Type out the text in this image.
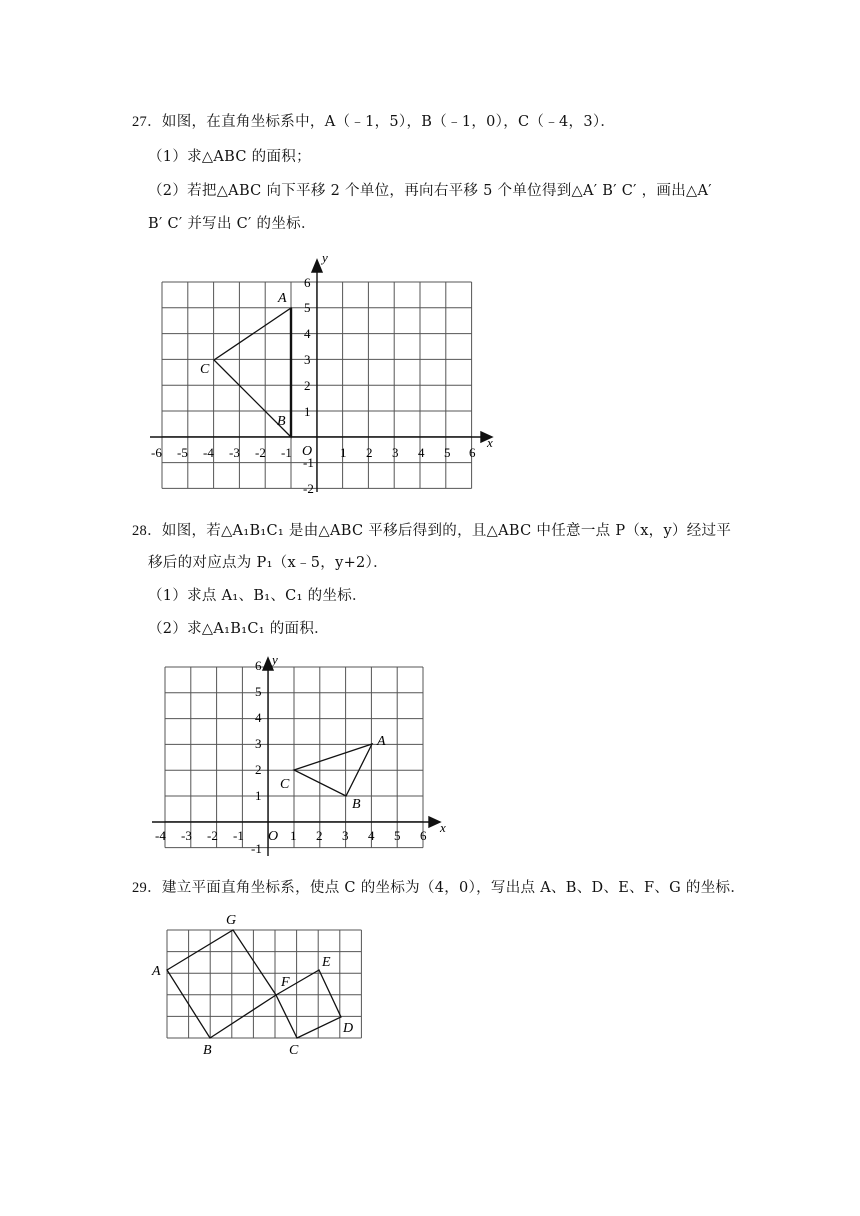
27．如图，在直角坐标系中，A（﹣1，5），B（﹣1，0），C（﹣4，3）．
（1）求△ABC 的面积；
（2）若把△ABC 向下平移 2 个单位，再向右平移 5 个单位得到△A′ B′ C′ ，画出△A′
B′ C′ 并写出 C′ 的坐标．
x
y
O
-6 -5 -4 -3 -2 -1	1 2 3 4 5 6
-2
-1
1
2
3
4
5
6
A
B
C
28．如图，若△A₁B₁C₁ 是由△ABC 平移后得到的，且△ABC 中任意一点 P（x，y）经过平
移后的对应点为 P₁（x﹣5，y+2）．
（1）求点 A₁、B₁、C₁ 的坐标．
（2）求△A₁B₁C₁ 的面积．
x
y
O
-4 -3 -2 -1	1 2 3 4 5 6
-1
1
2
3
4
5
6
A
B
C
29．建立平面直角坐标系，使点 C 的坐标为（4，0），写出点 A、B、D、E、F、G 的坐标．
A
B	C
D
E
F
G
